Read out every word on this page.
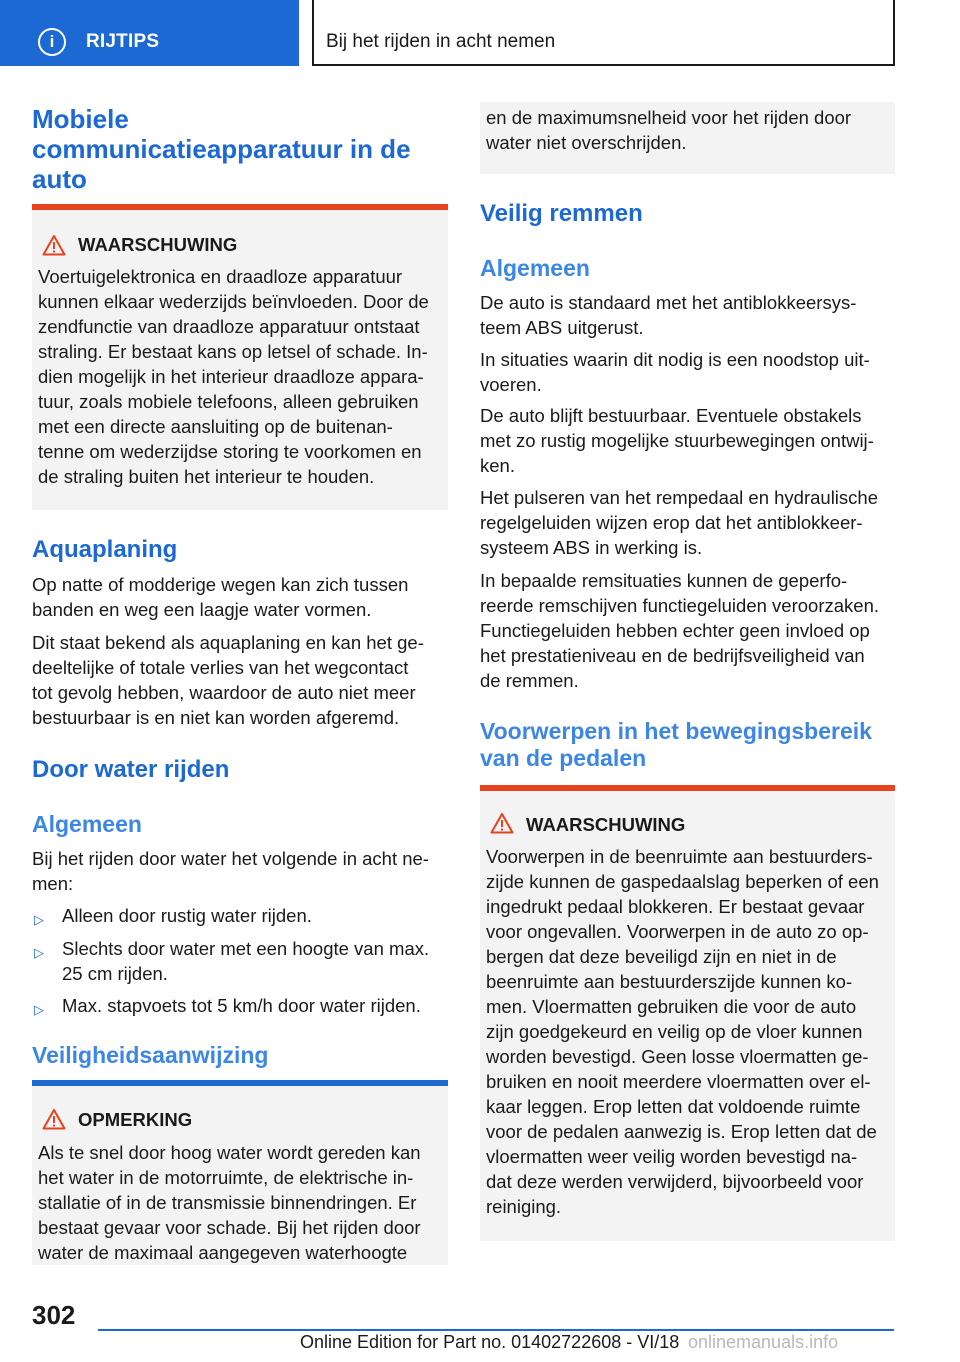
i	RIJTIPS	Bij het rijden in acht nemen
Mobiele communicatieapparatuur in de auto
WAARSCHUWING
Voertuigelektronica en draadloze apparatuur
kunnen elkaar wederzijds beïnvloeden. Door de
zendfunctie van draadloze apparatuur ontstaat
straling. Er bestaat kans op letsel of schade. In-
dien mogelijk in het interieur draadloze appara-
tuur, zoals mobiele telefoons, alleen gebruiken
met een directe aansluiting op de buitenan-
tenne om wederzijdse storing te voorkomen en
de straling buiten het interieur te houden.
Aquaplaning
Op natte of modderige wegen kan zich tussen
banden en weg een laagje water vormen.
Dit staat bekend als aquaplaning en kan het ge-
deeltelijke of totale verlies van het wegcontact
tot gevolg hebben, waardoor de auto niet meer
bestuurbaar is en niet kan worden afgeremd.
Door water rijden
Algemeen
Bij het rijden door water het volgende in acht ne-
men:
▷ Alleen door rustig water rijden.
▷ Slechts door water met een hoogte van max.
25 cm rijden.
▷ Max. stapvoets tot 5 km/h door water rijden.
Veiligheidsaanwijzing
OPMERKING
Als te snel door hoog water wordt gereden kan
het water in de motorruimte, de elektrische in-
stallatie of in de transmissie binnendringen. Er
bestaat gevaar voor schade. Bij het rijden door
water de maximaal aangegeven waterhoogte
en de maximumsnelheid voor het rijden door
water niet overschrijden.
Veilig remmen
Algemeen
De auto is standaard met het antiblokkeersys-
teem ABS uitgerust.
In situaties waarin dit nodig is een noodstop uit-
voeren.
De auto blijft bestuurbaar. Eventuele obstakels
met zo rustig mogelijke stuurbewegingen ontwij-
ken.
Het pulseren van het rempedaal en hydraulische
regelgeluiden wijzen erop dat het antiblokkeer-
systeem ABS in werking is.
In bepaalde remsituaties kunnen de geperfo-
reerde remschijven functiegeluiden veroorzaken.
Functiegeluiden hebben echter geen invloed op
het prestatieniveau en de bedrijfsveiligheid van
de remmen.
Voorwerpen in het bewegingsbereik
van de pedalen
WAARSCHUWING
Voorwerpen in de beenruimte aan bestuurders-
zijde kunnen de gaspedaalslag beperken of een
ingedrukt pedaal blokkeren. Er bestaat gevaar
voor ongevallen. Voorwerpen in de auto zo op-
bergen dat deze beveiligd zijn en niet in de
beenruimte aan bestuurderszijde kunnen ko-
men. Vloermatten gebruiken die voor de auto
zijn goedgekeurd en veilig op de vloer kunnen
worden bevestigd. Geen losse vloermatten ge-
bruiken en nooit meerdere vloermatten over el-
kaar leggen. Erop letten dat voldoende ruimte
voor de pedalen aanwezig is. Erop letten dat de
vloermatten weer veilig worden bevestigd na-
dat deze werden verwijderd, bijvoorbeeld voor
reiniging.
302
Online Edition for Part no. 01402722608 - VI/18 onlinemanuals.info
